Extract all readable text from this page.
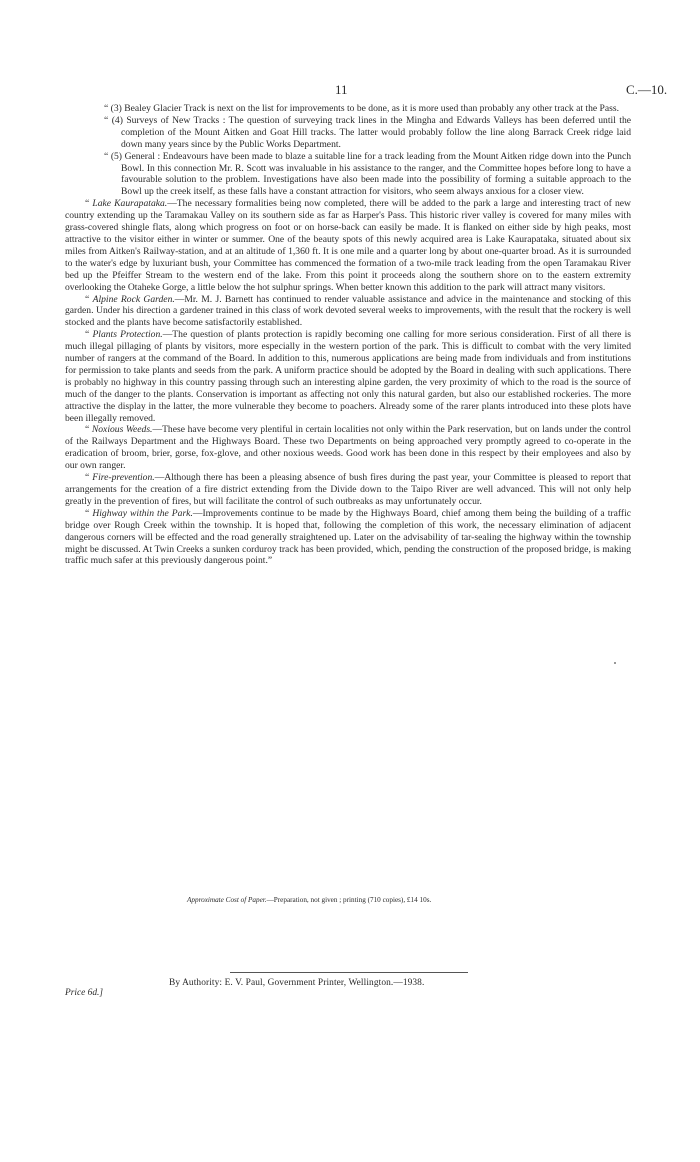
11	C.—10.

“ (3) Bealey Glacier Track is next on the list for improvements to be done, as it is more used than probably any other track at the Pass.

“ (4) Surveys of New Tracks : The question of surveying track lines in the Mingha and Edwards Valleys has been deferred until the completion of the Mount Aitken and Goat Hill tracks. The latter would probably follow the line along Barrack Creek ridge laid down many years since by the Public Works Department.

“ (5) General : Endeavours have been made to blaze a suitable line for a track leading from the Mount Aitken ridge down into the Punch Bowl. In this connection Mr. R. Scott was invaluable in his assistance to the ranger, and the Committee hopes before long to have a favourable solution to the problem. Investigations have also been made into the possibility of forming a suitable approach to the Bowl up the creek itself, as these falls have a constant attraction for visitors, who seem always anxious for a closer view.

“ Lake Kaurapataka.—The necessary formalities being now completed, there will be added to the park a large and interesting tract of new country extending up the Taramakau Valley on its southern side as far as Harper's Pass. This historic river valley is covered for many miles with grass-covered shingle flats, along which progress on foot or on horse-back can easily be made. It is flanked on either side by high peaks, most attractive to the visitor either in winter or summer. One of the beauty spots of this newly acquired area is Lake Kaurapataka, situated about six miles from Aitken's Railway-station, and at an altitude of 1,360 ft. It is one mile and a quarter long by about one-quarter broad. As it is surrounded to the water's edge by luxuriant bush, your Committee has commenced the formation of a two-mile track leading from the open Taramakau River bed up the Pfeiffer Stream to the western end of the lake. From this point it proceeds along the southern shore on to the eastern extremity overlooking the Otaheke Gorge, a little below the hot sulphur springs. When better known this addition to the park will attract many visitors.

“ Alpine Rock Garden.—Mr. M. J. Barnett has continued to render valuable assistance and advice in the maintenance and stocking of this garden. Under his direction a gardener trained in this class of work devoted several weeks to improvements, with the result that the rockery is well stocked and the plants have become satisfactorily established.

“ Plants Protection.—The question of plants protection is rapidly becoming one calling for more serious consideration. First of all there is much illegal pillaging of plants by visitors, more especially in the western portion of the park. This is difficult to combat with the very limited number of rangers at the command of the Board. In addition to this, numerous applications are being made from individuals and from institutions for permission to take plants and seeds from the park. A uniform practice should be adopted by the Board in dealing with such applications. There is probably no highway in this country passing through such an interesting alpine garden, the very proximity of which to the road is the source of much of the danger to the plants. Conservation is important as affecting not only this natural garden, but also our established rockeries. The more attractive the display in the latter, the more vulnerable they become to poachers. Already some of the rarer plants introduced into these plots have been illegally removed.

“ Noxious Weeds.—These have become very plentiful in certain localities not only within the Park reservation, but on lands under the control of the Railways Department and the Highways Board. These two Departments on being approached very promptly agreed to co-operate in the eradication of broom, brier, gorse, fox-glove, and other noxious weeds. Good work has been done in this respect by their employees and also by our own ranger.

“ Fire-prevention.—Although there has been a pleasing absence of bush fires during the past year, your Committee is pleased to report that arrangements for the creation of a fire district extending from the Divide down to the Taipo River are well advanced. This will not only help greatly in the prevention of fires, but will facilitate the control of such outbreaks as may unfortunately occur.

“ Highway within the Park.—Improvements continue to be made by the Highways Board, chief among them being the building of a traffic bridge over Rough Creek within the township. It is hoped that, following the completion of this work, the necessary elimination of adjacent dangerous corners will be effected and the road generally straightened up. Later on the advisability of tar-sealing the highway within the township might be discussed. At Twin Creeks a sunken corduroy track has been provided, which, pending the construction of the proposed bridge, is making traffic much safer at this previously dangerous point.”

Approximate Cost of Paper.—Preparation, not given ; printing (710 copies), £14 10s.
By Authority: E. V. Paul, Government Printer, Wellington.—1938.
Price 6d.]
